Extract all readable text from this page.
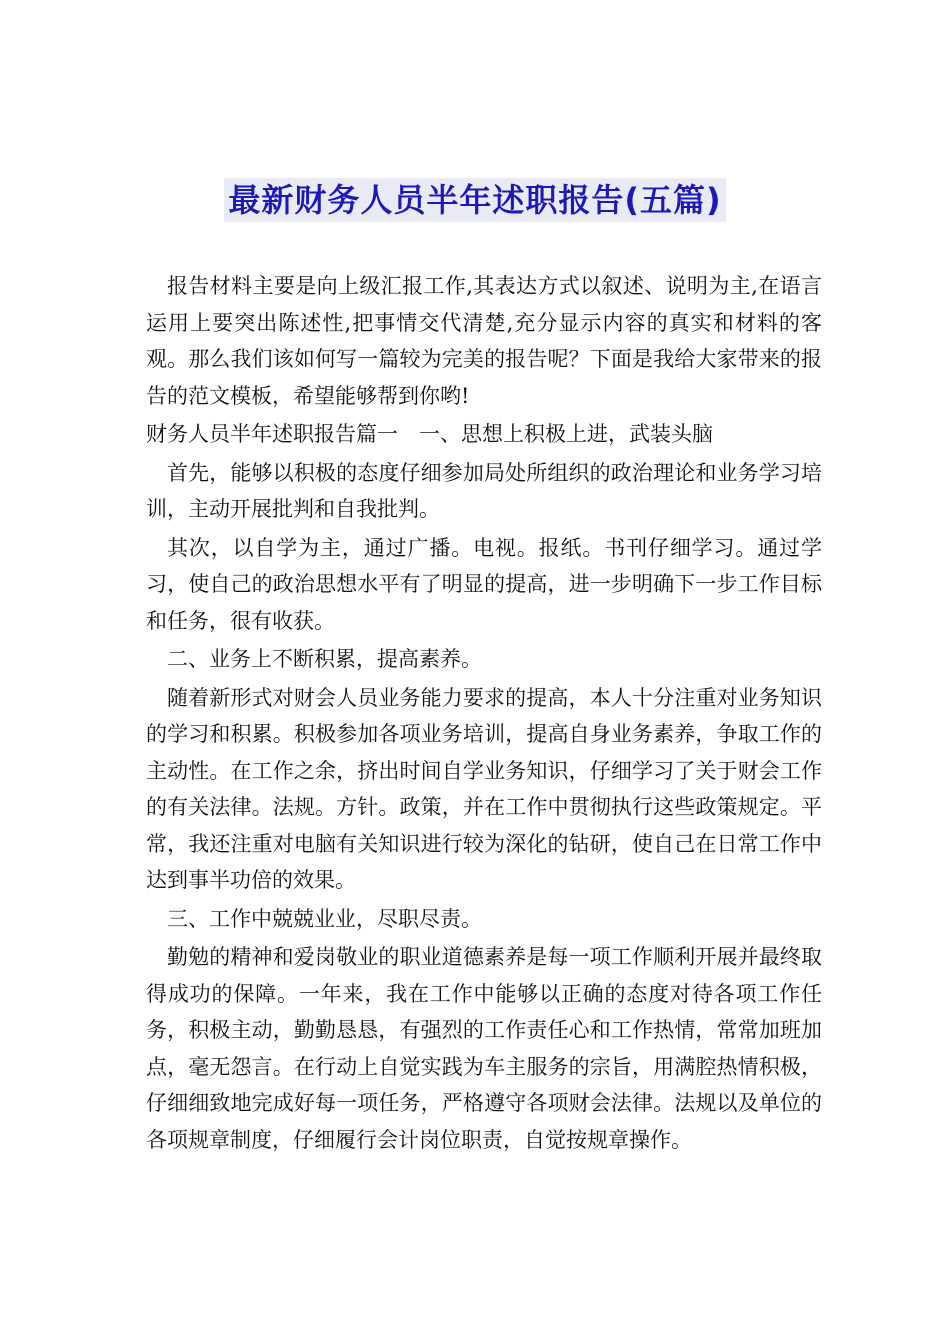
最新财务人员半年述职报告(五篇)

报告材料主要是向上级汇报工作,其表达方式以叙述、说明为主,在语言运用上要突出陈述性,把事情交代清楚,充分显示内容的真实和材料的客观。那么我们该如何写一篇较为完美的报告呢？下面是我给大家带来的报告的范文模板，希望能够帮到你哟!

财务人员半年述职报告篇一　一、思想上积极上进，武装头脑

首先，能够以积极的态度仔细参加局处所组织的政治理论和业务学习培训，主动开展批判和自我批判。

其次，以自学为主，通过广播。电视。报纸。书刊仔细学习。通过学习，使自己的政治思想水平有了明显的提高，进一步明确下一步工作目标和任务，很有收获。

二、业务上不断积累，提高素养。

随着新形式对财会人员业务能力要求的提高，本人十分注重对业务知识的学习和积累。积极参加各项业务培训，提高自身业务素养，争取工作的主动性。在工作之余，挤出时间自学业务知识，仔细学习了关于财会工作的有关法律。法规。方针。政策，并在工作中贯彻执行这些政策规定。平常，我还注重对电脑有关知识进行较为深化的钻研，使自己在日常工作中达到事半功倍的效果。

三、工作中兢兢业业，尽职尽责。

勤勉的精神和爱岗敬业的职业道德素养是每一项工作顺利开展并最终取得成功的保障。一年来，我在工作中能够以正确的态度对待各项工作任务，积极主动，勤勤恳恳，有强烈的工作责任心和工作热情，常常加班加点，毫无怨言。在行动上自觉实践为车主服务的宗旨，用满腔热情积极，仔细细致地完成好每一项任务，严格遵守各项财会法律。法规以及单位的各项规章制度，仔细履行会计岗位职责，自觉按规章操作。
